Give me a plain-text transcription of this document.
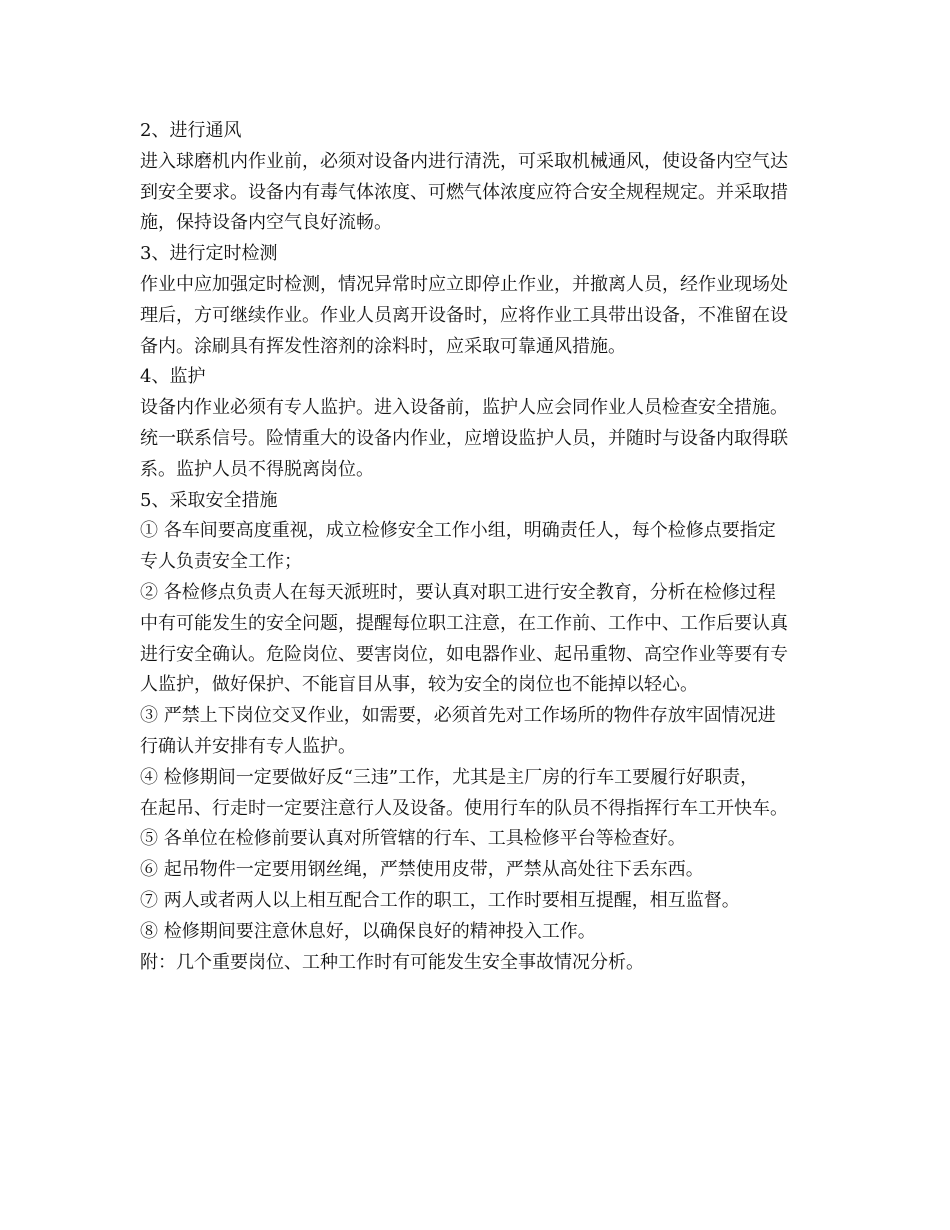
2、进行通风
进入球磨机内作业前，必须对设备内进行清洗，可采取机械通风，使设备内空气达
到安全要求。设备内有毒气体浓度、可燃气体浓度应符合安全规程规定。并采取措
施，保持设备内空气良好流畅。
3、进行定时检测
作业中应加强定时检测，情况异常时应立即停止作业，并撤离人员，经作业现场处
理后，方可继续作业。作业人员离开设备时，应将作业工具带出设备，不准留在设
备内。涂刷具有挥发性溶剂的涂料时，应采取可靠通风措施。
4、监护
设备内作业必须有专人监护。进入设备前，监护人应会同作业人员检查安全措施。
统一联系信号。险情重大的设备内作业，应增设监护人员，并随时与设备内取得联
系。监护人员不得脱离岗位。
5、采取安全措施
① 各车间要高度重视，成立检修安全工作小组，明确责任人，每个检修点要指定
专人负责安全工作；
② 各检修点负责人在每天派班时，要认真对职工进行安全教育，分析在检修过程
中有可能发生的安全问题，提醒每位职工注意，在工作前、工作中、工作后要认真
进行安全确认。危险岗位、要害岗位，如电器作业、起吊重物、高空作业等要有专
人监护，做好保护、不能盲目从事，较为安全的岗位也不能掉以轻心。
③ 严禁上下岗位交叉作业，如需要，必须首先对工作场所的物件存放牢固情况进
行确认并安排有专人监护。
④ 检修期间一定要做好反“三违”工作，尤其是主厂房的行车工要履行好职责，
在起吊、行走时一定要注意行人及设备。使用行车的队员不得指挥行车工开快车。
⑤ 各单位在检修前要认真对所管辖的行车、工具检修平台等检查好。
⑥ 起吊物件一定要用钢丝绳，严禁使用皮带，严禁从高处往下丢东西。
⑦ 两人或者两人以上相互配合工作的职工，工作时要相互提醒，相互监督。
⑧ 检修期间要注意休息好，以确保良好的精神投入工作。
附：几个重要岗位、工种工作时有可能发生安全事故情况分析。
